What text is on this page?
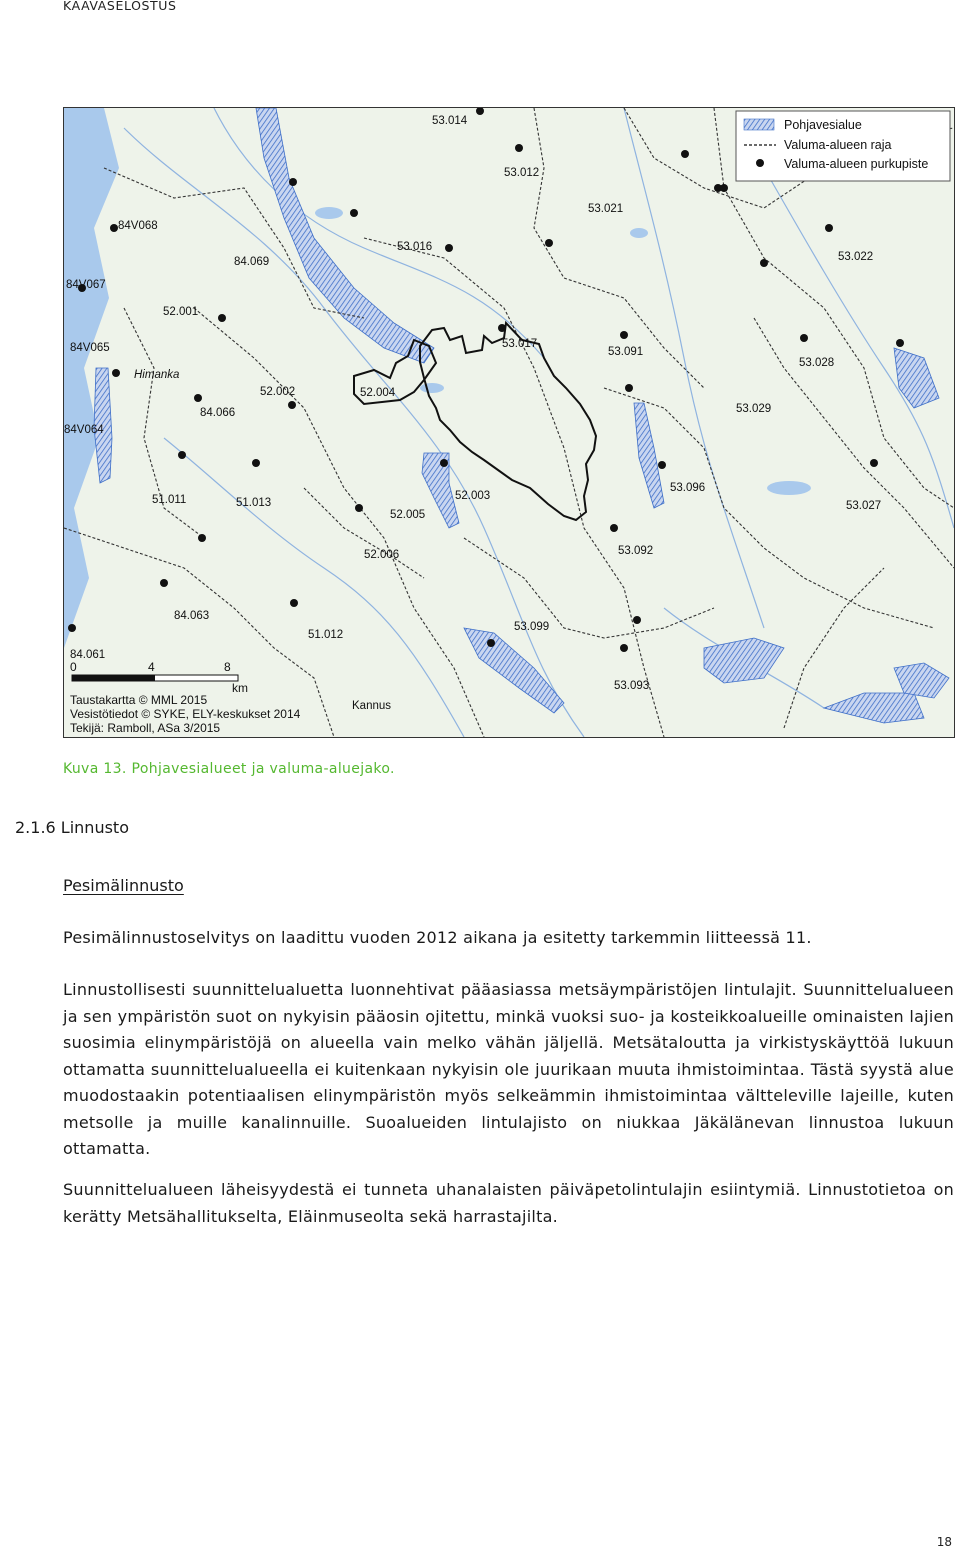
KAAVASELOSTUS
53.014
53.012
53.021
53.022
53.016
84V068
84.069
84V067
52.001
84V065	53.017
53.091
53.028
52.002	52.004
84.066	53.029
84V064
51.011	51.013
52.005
52.003
53.096
53.027
52.006	53.092
84.063
51.012
53.099
84.061
53.093
Himanka
Kannus
0	4	8
km
Taustakartta © MML 2015
Vesistötiedot © SYKE, ELY-keskukset 2014
Tekijä: Ramboll, ASa 3/2015
Pohjavesialue
Valuma-alueen raja
Valuma-alueen purkupiste
Kuva 13. Pohjavesialueet ja valuma-aluejako.
2.1.6 Linnusto
Pesimälinnusto
Pesimälinnustoselvitys on laadittu vuoden 2012 aikana ja esitetty tarkemmin liitteessä 11.
Linnustollisesti suunnittelualuetta luonnehtivat pääasiassa metsäympäristöjen lintulajit. Suunnittelualueen ja sen ympäristön suot on nykyisin pääosin ojitettu, minkä vuoksi suo- ja kosteikkoalueille ominaisten lajien suosimia elinympäristöjä on alueella vain melko vähän jäljellä. Metsätaloutta ja virkistyskäyttöä lukuun ottamatta suunnittelualueella ei kuitenkaan nykyisin ole juurikaan muuta ihmistoimintaa. Tästä syystä alue muodostaakin potentiaalisen elinympäristön myös selkeämmin ihmistoimintaa vältteleville lajeille, kuten metsolle ja muille kanalinnuille. Suoalueiden lintulajisto on niukkaa Jäkälänevan linnustoa lukuun ottamatta.
Suunnittelualueen läheisyydestä ei tunneta uhanalaisten päiväpetolintulajin esiintymiä. Linnustotietoa on kerätty Metsähallitukselta, Eläinmuseolta sekä harrastajilta.
18
